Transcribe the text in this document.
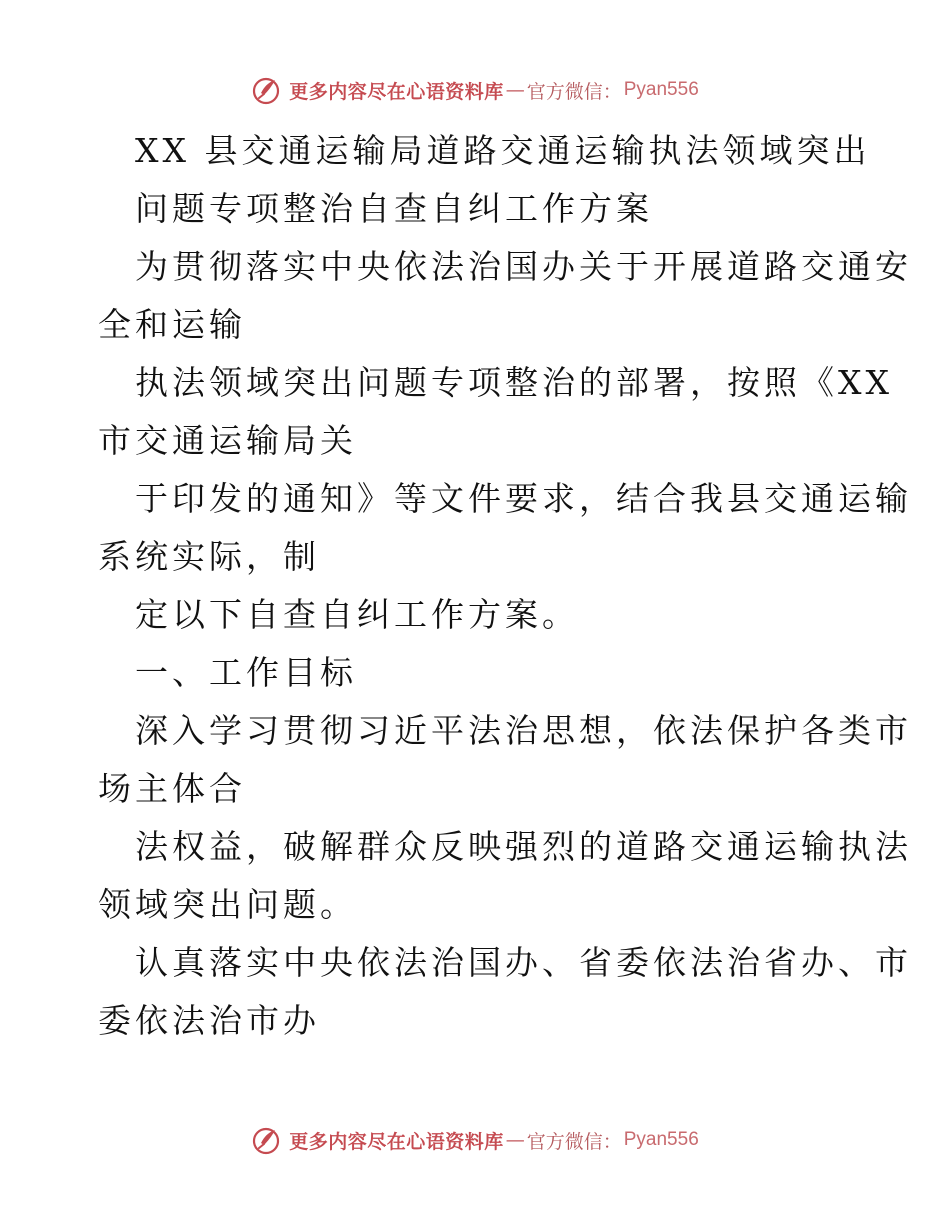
更多内容尽在心语资料库 — 官方微信： Pyan556
XX 县交通运输局道路交通运输执法领域突出
问题专项整治自查自纠工作方案
为贯彻落实中央依法治国办关于开展道路交通安
全和运输
执法领域突出问题专项整治的部署，按照《XX
市交通运输局关
于印发的通知》等文件要求，结合我县交通运输
系统实际，制
定以下自查自纠工作方案。
一、工作目标
深入学习贯彻习近平法治思想，依法保护各类市
场主体合
法权益，破解群众反映强烈的道路交通运输执法
领域突出问题。
认真落实中央依法治国办、省委依法治省办、市
委依法治市办
更多内容尽在心语资料库 — 官方微信： Pyan556
